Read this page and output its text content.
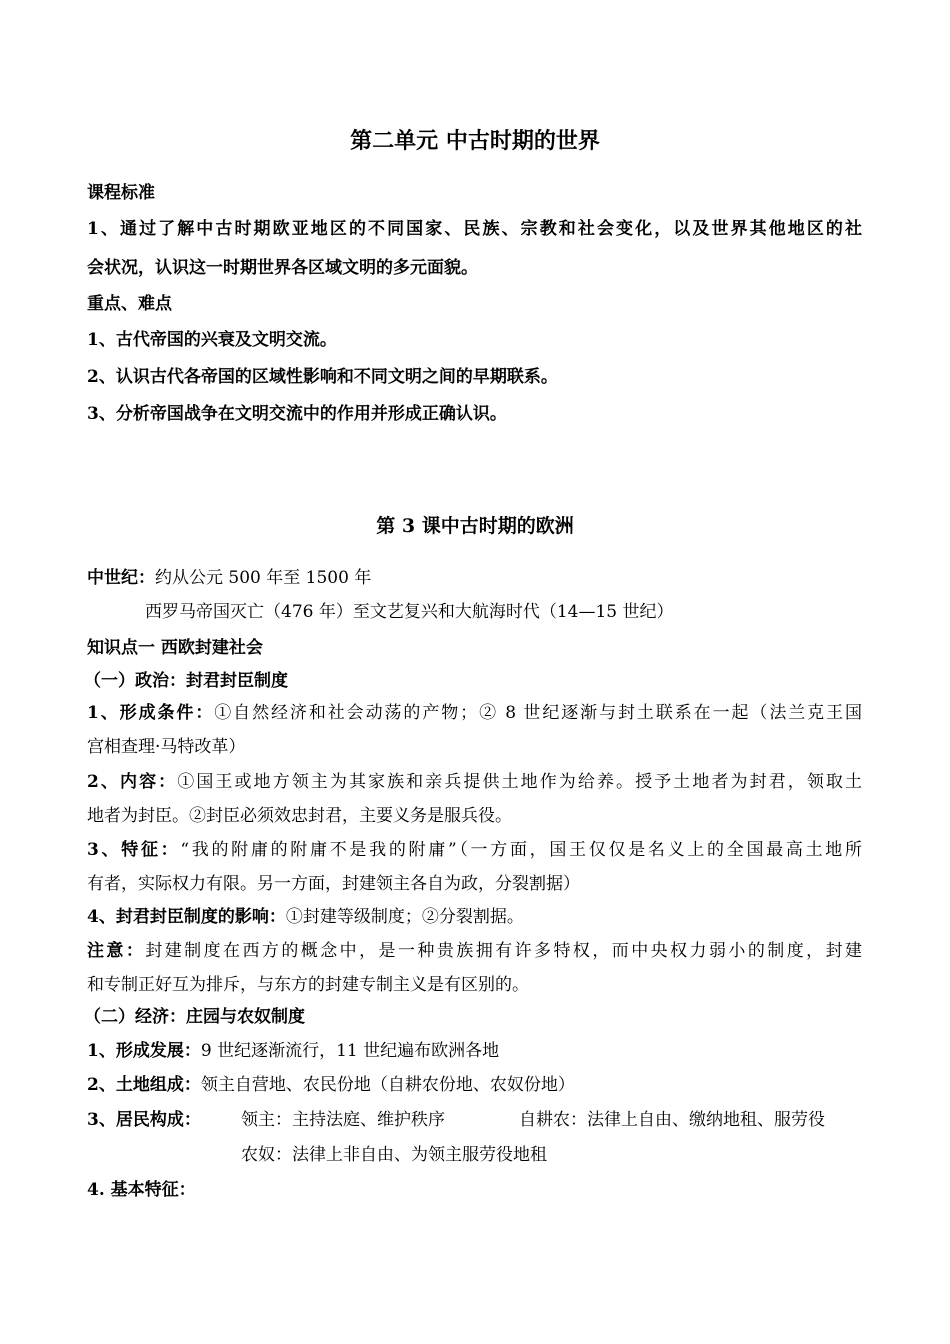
第二单元 中古时期的世界
课程标准
1、通过了解中古时期欧亚地区的不同国家、民族、宗教和社会变化，以及世界其他地区的社
会状况，认识这一时期世界各区域文明的多元面貌。
重点、难点
1、古代帝国的兴衰及文明交流。
2、认识古代各帝国的区域性影响和不同文明之间的早期联系。
3、分析帝国战争在文明交流中的作用并形成正确认识。
第 3 课中古时期的欧洲
中世纪：约从公元 500 年至 1500 年
西罗马帝国灭亡（476 年）至文艺复兴和大航海时代（14—15 世纪）
知识点一 西欧封建社会
（一）政治：封君封臣制度
1、形成条件：①自然经济和社会动荡的产物；② 8 世纪逐渐与封土联系在一起（法兰克王国
宫相查理·马特改革）
2、内容：①国王或地方领主为其家族和亲兵提供土地作为给养。授予土地者为封君，领取土
地者为封臣。②封臣必须效忠封君，主要义务是服兵役。
3、特征：“我的附庸的附庸不是我的附庸”（一方面，国王仅仅是名义上的全国最高土地所
有者，实际权力有限。另一方面，封建领主各自为政，分裂割据）
4、封君封臣制度的影响：①封建等级制度；②分裂割据。
注意：封建制度在西方的概念中，是一种贵族拥有许多特权，而中央权力弱小的制度，封建
和专制正好互为排斥，与东方的封建专制主义是有区别的。
（二）经济：庄园与农奴制度
1、形成发展：9 世纪逐渐流行，11 世纪遍布欧洲各地
2、土地组成：领主自营地、农民份地（自耕农份地、农奴份地）
3、居民构成： 领主：主持法庭、维护秩序	自耕农：法律上自由、缴纳地租、服劳役
农奴：法律上非自由、为领主服劳役地租
4. 基本特征：
